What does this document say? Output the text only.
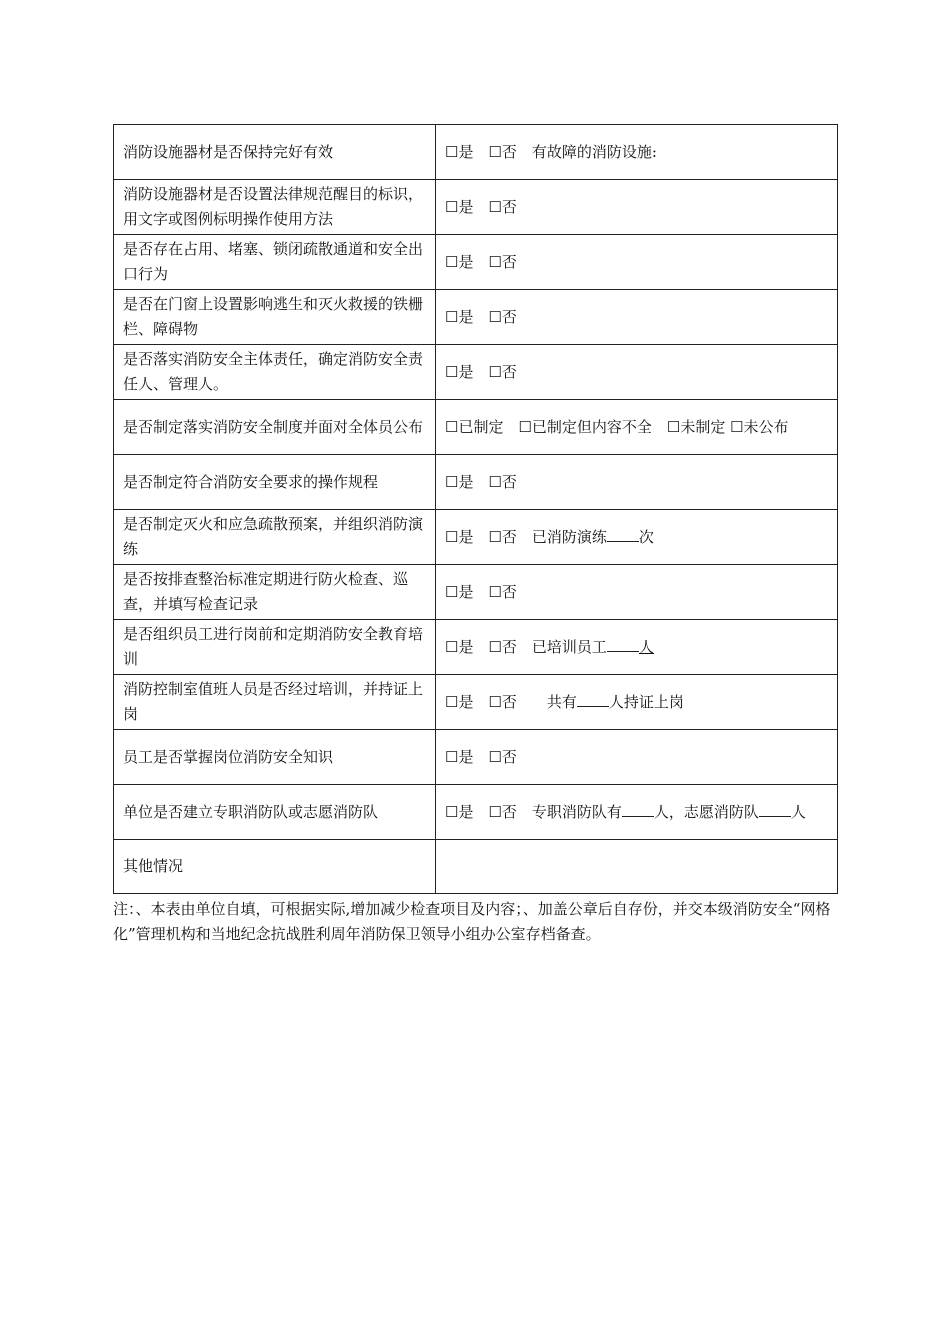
消防设施器材是否保持完好有效	☐是　☐否　有故障的消防设施:
消防设施器材是否设置法律规范醒目的标识，用文字或图例标明操作使用方法	☐是　☐否
是否存在占用、堵塞、锁闭疏散通道和安全出口行为	☐是　☐否
是否在门窗上设置影响逃生和灭火救援的铁栅栏、障碍物	☐是　☐否
是否落实消防安全主体责任，确定消防安全责任人、管理人。	☐是　☐否
是否制定落实消防安全制度并面对全体员公布	☐已制定　☐已制定但内容不全　☐未制定 ☐未公布
是否制定符合消防安全要求的操作规程	☐是　☐否
是否制定灭火和应急疏散预案，并组织消防演练	☐是　☐否　已消防演练 次
是否按排查整治标准定期进行防火检查、巡查，并填写检查记录	☐是　☐否
是否组织员工进行岗前和定期消防安全教育培训	☐是　☐否　已培训员工 人
消防控制室值班人员是否经过培训，并持证上岗	☐是　☐否　　共有 人持证上岗
员工是否掌握岗位消防安全知识	☐是　☐否
单位是否建立专职消防队或志愿消防队	☐是　☐否　专职消防队有 人，志愿消防队 人
其他情况	
注：、本表由单位自填，可根据实际,增加减少检查项目及内容；、加盖公章后自存份，并交本级消防安全“网格化”管理机构和当地纪念抗战胜利周年消防保卫领导小组办公室存档备查。
